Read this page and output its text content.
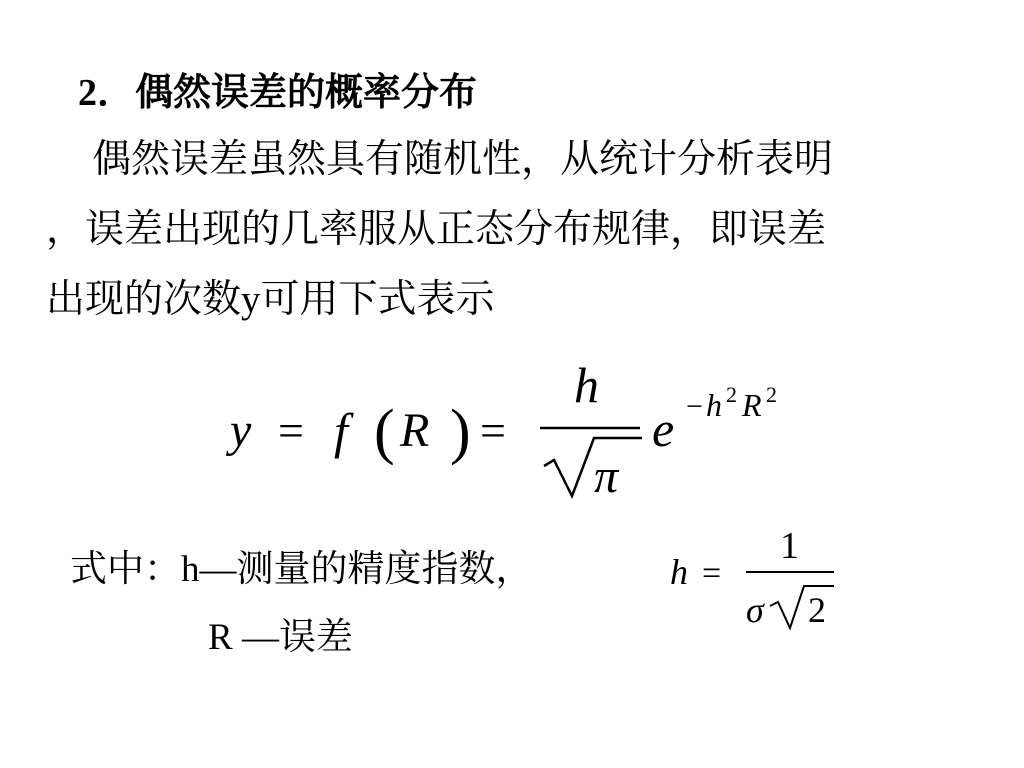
2．偶然误差的概率分布
偶然误差虽然具有随机性，从统计分析表明
，误差出现的几率服从正态分布规律，即误差
出现的次数y可用下式表示
y = f ( R ) =
h
π
e − h 2 R 2
式中：h—测量的精度指数，
R —误差
h =
1
σ 2
